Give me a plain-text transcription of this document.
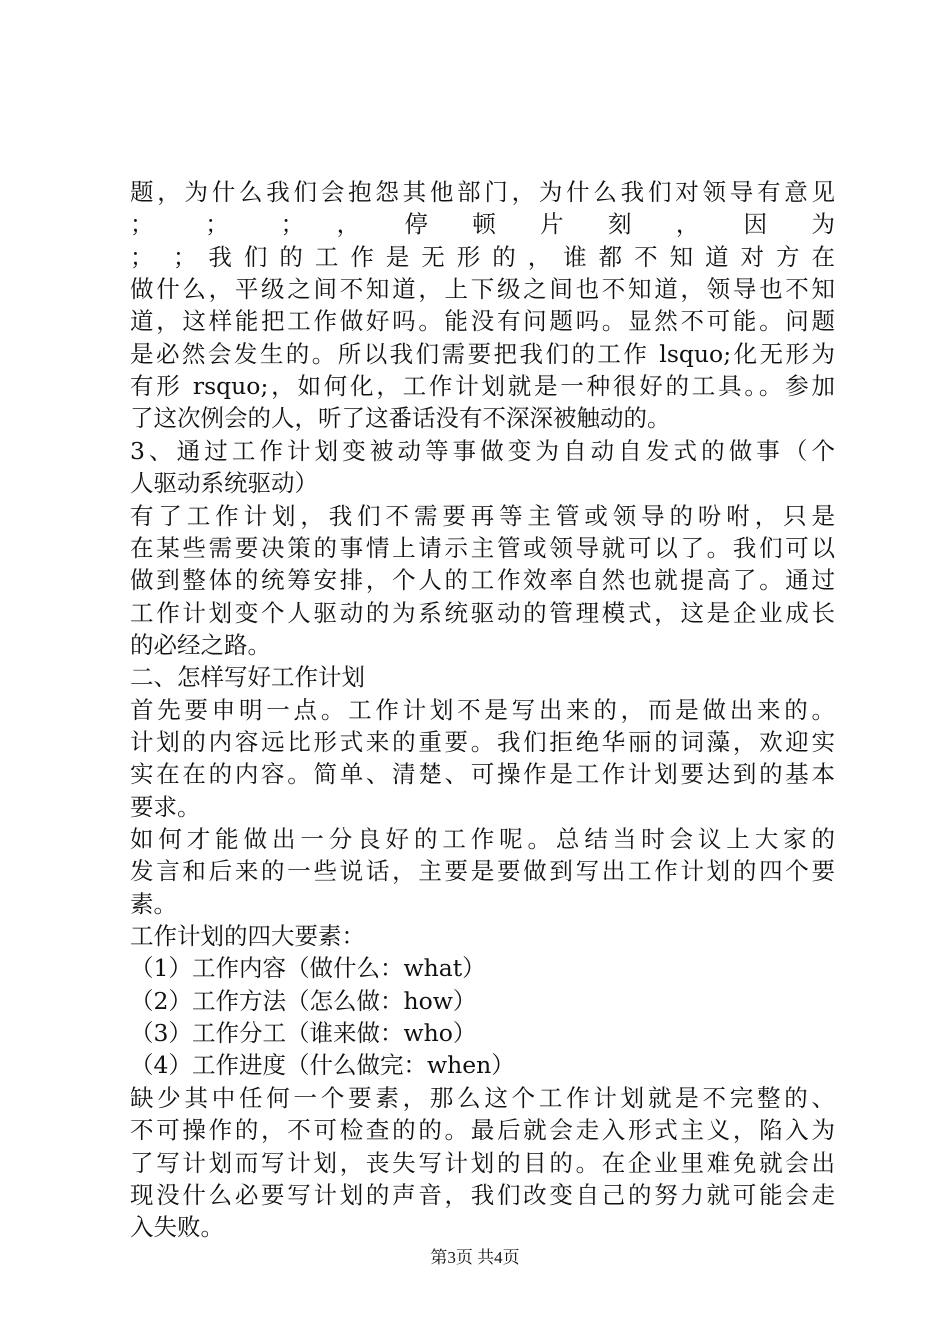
题，为什么我们会抱怨其他部门，为什么我们对领导有意见
； ； ；，停顿片刻，因为
； ；我们的工作是无形的，谁都不知道对方在
做什么，平级之间不知道，上下级之间也不知道，领导也不知
道，这样能把工作做好吗。能没有问题吗。显然不可能。问题
是必然会发生的。所以我们需要把我们的工作 lsquo;化无形为
有形 rsquo;，如何化，工作计划就是一种很好的工具。。参加
了这次例会的人，听了这番话没有不深深被触动的。
3、通过工作计划变被动等事做变为自动自发式的做事（个
人驱动系统驱动）
有了工作计划，我们不需要再等主管或领导的吩咐，只是
在某些需要决策的事情上请示主管或领导就可以了。我们可以
做到整体的统筹安排，个人的工作效率自然也就提高了。通过
工作计划变个人驱动的为系统驱动的管理模式，这是企业成长
的必经之路。
二、怎样写好工作计划
首先要申明一点。工作计划不是写出来的，而是做出来的。
计划的内容远比形式来的重要。我们拒绝华丽的词藻，欢迎实
实在在的内容。简单、清楚、可操作是工作计划要达到的基本
要求。
如何才能做出一分良好的工作呢。总结当时会议上大家的
发言和后来的一些说话，主要是要做到写出工作计划的四个要
素。
工作计划的四大要素：
（1）工作内容（做什么：what）
（2）工作方法（怎么做：how）
（3）工作分工（谁来做：who）
（4）工作进度（什么做完：when）
缺少其中任何一个要素，那么这个工作计划就是不完整的、
不可操作的，不可检查的的。最后就会走入形式主义，陷入为
了写计划而写计划，丧失写计划的目的。在企业里难免就会出
现没什么必要写计划的声音，我们改变自己的努力就可能会走
入失败。
第3页 共4页
